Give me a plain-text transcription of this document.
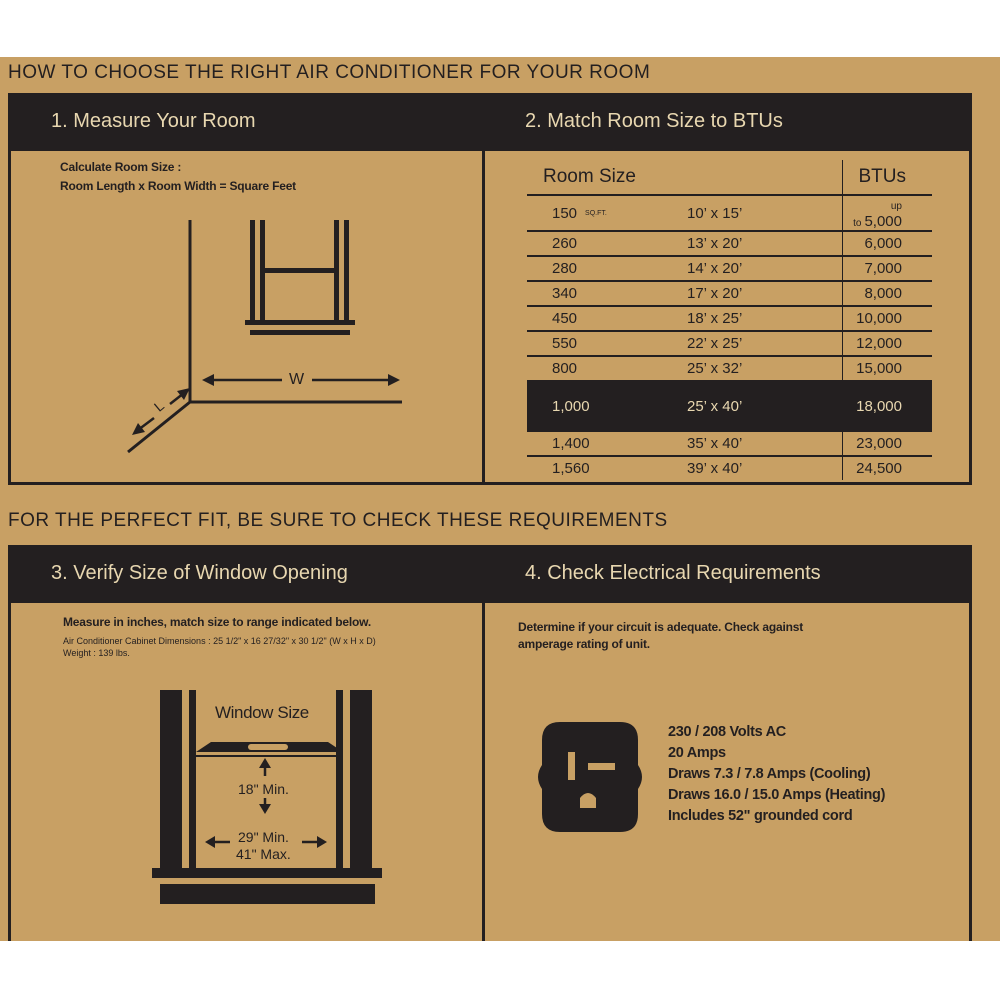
HOW TO CHOOSE THE RIGHT AIR CONDITIONER FOR YOUR ROOM
1. Measure Your Room
Calculate Room Size :
Room Length x Room Width = Square Feet
W
L
2. Match Room Size to BTUs
Room Size		BTUs
150 SQ.FT.	10’ x 15’	up to 5,000
260	13’ x 20’	6,000
280	14’ x 20’	7,000
340	17’ x 20’	8,000
450	18’ x 25’	10,000
550	22’ x 25’	12,000
800	25’ x 32’	15,000
1,000	25’ x 40’	18,000
1,400	35’ x 40’	23,000
1,560	39’ x 40’	24,500
FOR THE PERFECT FIT, BE SURE TO CHECK THESE REQUIREMENTS
3. Verify Size of Window Opening
Measure in inches, match size to range indicated below.
Air Conditioner Cabinet Dimensions : 25 1/2" x 16 27/32" x 30 1/2" (W x H x D)
Weight : 139 lbs.
Window Size
18" Min.
29" Min.
41" Max.
4. Check Electrical Requirements
Determine if your circuit is adequate. Check against
amperage rating of unit.
230 / 208 Volts AC
20 Amps
Draws 7.3 / 7.8 Amps (Cooling)
Draws 16.0 / 15.0 Amps (Heating)
Includes 52" grounded cord
